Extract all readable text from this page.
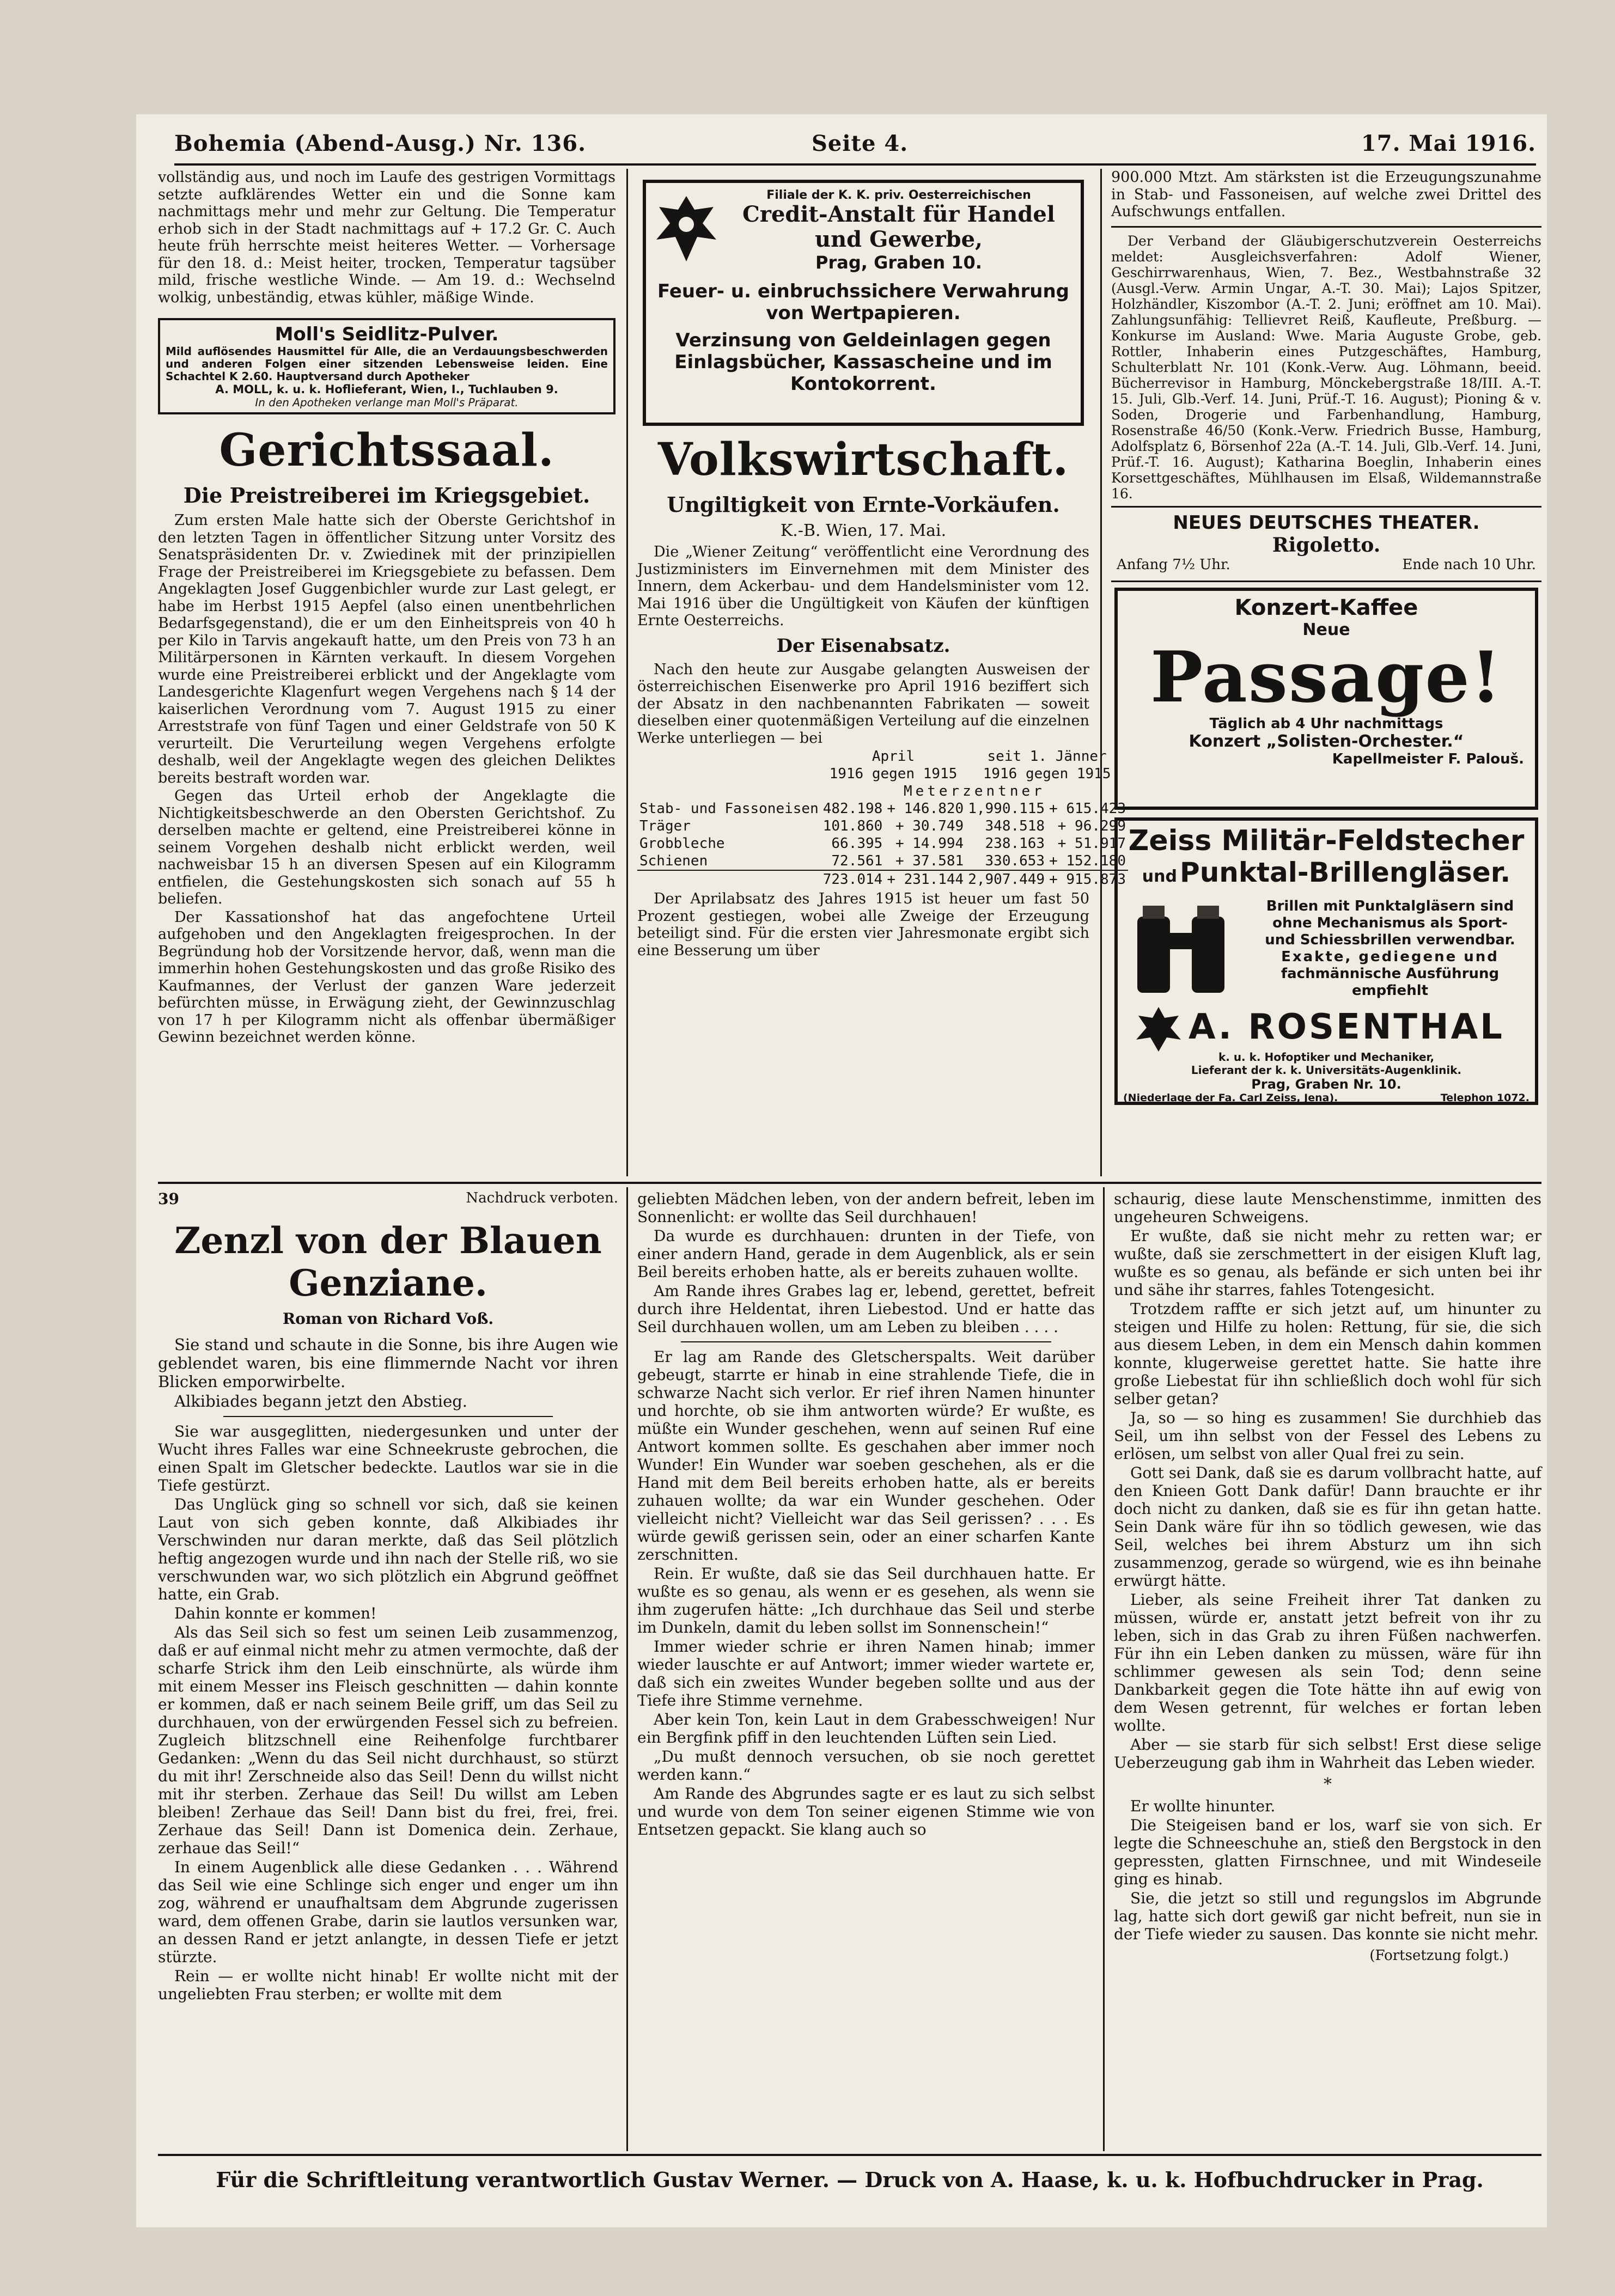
Bohemia (Abend-Ausg.) Nr. 136.	Seite 4.	17. Mai 1916.

vollständig aus, und noch im Laufe des gestrigen Vormittags setzte aufklärendes Wetter ein und die Sonne kam nachmittags mehr und mehr zur Geltung. Die Temperatur erhob sich in der Stadt nachmittags auf + 17.2 Gr. C. Auch heute früh herrschte meist heiteres Wetter. — Vorhersage für den 18. d.: Meist heiter, trocken, Temperatur tagsüber mild, frische westliche Winde. — Am 19. d.: Wechselnd wolkig, unbeständig, etwas kühler, mäßige Winde.

Moll's Seidlitz-Pulver.
Mild auflösendes Hausmittel für Alle, die an Verdauungsbeschwerden und anderen Folgen einer sitzenden Lebensweise leiden. Eine Schachtel K 2.60. Hauptversand durch Apotheker
A. MOLL, k. u. k. Hoflieferant, Wien, I., Tuchlauben 9.
In den Apotheken verlange man Moll's Präparat.
Gerichtssaal.
Die Preistreiberei im Kriegsgebiet.

Zum ersten Male hatte sich der Oberste Gerichtshof in den letzten Tagen in öffentlicher Sitzung unter Vorsitz des Senatspräsidenten Dr. v. Zwiedinek mit der prinzipiellen Frage der Preistreiberei im Kriegsgebiete zu befassen. Dem Angeklagten Josef Guggenbichler wurde zur Last gelegt, er habe im Herbst 1915 Aepfel (also einen unentbehrlichen Bedarfsgegenstand), die er um den Einheitspreis von 40 h per Kilo in Tarvis angekauft hatte, um den Preis von 73 h an Militärpersonen in Kärnten verkauft. In diesem Vorgehen wurde eine Preistreiberei erblickt und der Angeklagte vom Landesgerichte Klagenfurt wegen Vergehens nach § 14 der kaiserlichen Verordnung vom 7. August 1915 zu einer Arreststrafe von fünf Tagen und einer Geldstrafe von 50 K verurteilt. Die Verurteilung wegen Vergehens erfolgte deshalb, weil der Angeklagte wegen des gleichen Deliktes bereits bestraft worden war.

Gegen das Urteil erhob der Angeklagte die Nichtigkeitsbeschwerde an den Obersten Gerichtshof. Zu derselben machte er geltend, eine Preistreiberei könne in seinem Vorgehen deshalb nicht erblickt werden, weil nachweisbar 15 h an diversen Spesen auf ein Kilogramm entfielen, die Gestehungskosten sich sonach auf 55 h beliefen.

Der Kassationshof hat das angefochtene Urteil aufgehoben und den Angeklagten freigesprochen. In der Begründung hob der Vorsitzende hervor, daß, wenn man die immerhin hohen Gestehungskosten und das große Risiko des Kaufmannes, der Verlust der ganzen Ware jederzeit befürchten müsse, in Erwägung zieht, der Gewinnzuschlag von 17 h per Kilogramm nicht als offenbar übermäßiger Gewinn bezeichnet werden könne.

Filiale der K. K. priv. Oesterreichischen
Credit-Anstalt für Handel und Gewerbe,
Prag, Graben 10.
Feuer- u. einbruchssichere Verwahrung von Wertpapieren.
Verzinsung von Geldeinlagen gegen Einlagsbücher, Kassascheine und im Kontokorrent.
Volkswirtschaft.
Ungiltigkeit von Ernte-Vorkäufen.
K.-B. Wien, 17. Mai.

Die „Wiener Zeitung“ veröffentlicht eine Verordnung des Justizministers im Einvernehmen mit dem Minister des Innern, dem Ackerbau- und dem Handelsminister vom 12. Mai 1916 über die Ungültigkeit von Käufen der künftigen Ernte Oesterreichs.

Der Eisenabsatz.

Nach den heute zur Ausgabe gelangten Ausweisen der österreichischen Eisenwerke pro April 1916 beziffert sich der Absatz in den nachbenannten Fabrikaten — soweit dieselben einer quotenmäßigen Verteilung auf die einzelnen Werke unterliegen — bei

	April		seit 1. Jänner	
	1916 gegen 1915		1916 gegen 1915	
	Meterzentner			
Stab- und Fassoneisen	482.198	+ 146.820	1,990.115	+ 615.423
Träger	101.860	+ 30.749	348.518	+ 96.299
Grobbleche	66.395	+ 14.994	238.163	+ 51.917
Schienen	72.561	+ 37.581	330.653	+ 152.180
	723.014	+ 231.144	2,907.449	+ 915.873

Der Aprilabsatz des Jahres 1915 ist heuer um fast 50 Prozent gestiegen, wobei alle Zweige der Erzeugung beteiligt sind. Für die ersten vier Jahresmonate ergibt sich eine Besserung um über

900.000 Mtzt. Am stärksten ist die Erzeugungszunahme in Stab- und Fassoneisen, auf welche zwei Drittel des Aufschwungs entfallen.

Der Verband der Gläubigerschutzverein Oesterreichs meldet: Ausgleichsverfahren: Adolf Wiener, Geschirrwarenhaus, Wien, 7. Bez., Westbahnstraße 32 (Ausgl.-Verw. Armin Ungar, A.-T. 30. Mai); Lajos Spitzer, Holzhändler, Kiszombor (A.-T. 2. Juni; eröffnet am 10. Mai). Zahlungsunfähig: Tellievret Reiß, Kaufleute, Preßburg. — Konkurse im Ausland: Wwe. Maria Auguste Grobe, geb. Rottler, Inhaberin eines Putzgeschäftes, Hamburg, Schulterblatt Nr. 101 (Konk.-Verw. Aug. Löhmann, beeid. Bücherrevisor in Hamburg, Mönckebergstraße 18/III. A.-T. 15. Juli, Glb.-Verf. 14. Juni, Prüf.-T. 16. August); Pioning & v. Soden, Drogerie und Farbenhandlung, Hamburg, Rosenstraße 46/50 (Konk.-Verw. Friedrich Busse, Hamburg, Adolfsplatz 6, Börsenhof 22a (A.-T. 14. Juli, Glb.-Verf. 14. Juni, Prüf.-T. 16. August); Katharina Boeglin, Inhaberin eines Korsettgeschäftes, Mühlhausen im Elsaß, Wildemannstraße 16.

NEUES DEUTSCHES THEATER.
Rigoletto.
Anfang 7½ Uhr.	Ende nach 10 Uhr.
Konzert-Kaffee
Neue
Passage!
Täglich ab 4 Uhr nachmittags
Konzert „Solisten-Orchester.“
Kapellmeister F. Palouš.
Zeiss Militär-Feldstecher
und Punktal-Brillengläser.
Brillen mit Punktalgläsern sind
ohne Mechanismus als Sport-
und Schiessbrillen verwendbar.
Exakte, gediegene und
fachmännische Ausführung
empfiehlt
A. ROSENTHAL
k. u. k. Hofoptiker und Mechaniker,
Lieferant der k. k. Universitäts-Augenklinik.
Prag, Graben Nr. 10.
(Niederlage der Fa. Carl Zeiss, Jena).	Telephon 1072.
39	Nachdruck verboten.
Zenzl von der Blauen Genziane.
Roman von Richard Voß.

Sie stand und schaute in die Sonne, bis ihre Augen wie geblendet waren, bis eine flimmernde Nacht vor ihren Blicken emporwirbelte.

Alkibiades begann jetzt den Abstieg.

Sie war ausgeglitten, niedergesunken und unter der Wucht ihres Falles war eine Schneekruste gebrochen, die einen Spalt im Gletscher bedeckte. Lautlos war sie in die Tiefe gestürzt.

Das Unglück ging so schnell vor sich, daß sie keinen Laut von sich geben konnte, daß Alkibiades ihr Verschwinden nur daran merkte, daß das Seil plötzlich heftig angezogen wurde und ihn nach der Stelle riß, wo sie verschwunden war, wo sich plötzlich ein Abgrund geöffnet hatte, ein Grab.

Dahin konnte er kommen!

Als das Seil sich so fest um seinen Leib zusammenzog, daß er auf einmal nicht mehr zu atmen vermochte, daß der scharfe Strick ihm den Leib einschnürte, als würde ihm mit einem Messer ins Fleisch geschnitten — dahin konnte er kommen, daß er nach seinem Beile griff, um das Seil zu durchhauen, von der erwürgenden Fessel sich zu befreien. Zugleich blitzschnell eine Reihenfolge furchtbarer Gedanken: „Wenn du das Seil nicht durchhaust, so stürzt du mit ihr! Zerschneide also das Seil! Denn du willst nicht mit ihr sterben. Zerhaue das Seil! Du willst am Leben bleiben! Zerhaue das Seil! Dann bist du frei, frei, frei. Zerhaue das Seil! Dann ist Domenica dein. Zerhaue, zerhaue das Seil!“

In einem Augenblick alle diese Gedanken . . . Während das Seil wie eine Schlinge sich enger und enger um ihn zog, während er unaufhaltsam dem Abgrunde zugerissen ward, dem offenen Grabe, darin sie lautlos versunken war, an dessen Rand er jetzt anlangte, in dessen Tiefe er jetzt stürzte.

Rein — er wollte nicht hinab! Er wollte nicht mit der ungeliebten Frau sterben; er wollte mit dem

geliebten Mädchen leben, von der andern befreit, leben im Sonnenlicht: er wollte das Seil durchhauen!

Da wurde es durchhauen: drunten in der Tiefe, von einer andern Hand, gerade in dem Augenblick, als er sein Beil bereits erhoben hatte, als er bereits zuhauen wollte.

Am Rande ihres Grabes lag er, lebend, gerettet, befreit durch ihre Heldentat, ihren Liebestod. Und er hatte das Seil durchhauen wollen, um am Leben zu bleiben . . . .

Er lag am Rande des Gletscherspalts. Weit darüber gebeugt, starrte er hinab in eine strahlende Tiefe, die in schwarze Nacht sich verlor. Er rief ihren Namen hinunter und horchte, ob sie ihm antworten würde? Er wußte, es müßte ein Wunder geschehen, wenn auf seinen Ruf eine Antwort kommen sollte. Es geschahen aber immer noch Wunder! Ein Wunder war soeben geschehen, als er die Hand mit dem Beil bereits erhoben hatte, als er bereits zuhauen wollte; da war ein Wunder geschehen. Oder vielleicht nicht? Vielleicht war das Seil gerissen? . . . Es würde gewiß gerissen sein, oder an einer scharfen Kante zerschnitten.

Rein. Er wußte, daß sie das Seil durchhauen hatte. Er wußte es so genau, als wenn er es gesehen, als wenn sie ihm zugerufen hätte: „Ich durchhaue das Seil und sterbe im Dunkeln, damit du leben sollst im Sonnenschein!“

Immer wieder schrie er ihren Namen hinab; immer wieder lauschte er auf Antwort; immer wieder wartete er, daß sich ein zweites Wunder begeben sollte und aus der Tiefe ihre Stimme vernehme.

Aber kein Ton, kein Laut in dem Grabesschweigen! Nur ein Bergfink pfiff in den leuchtenden Lüften sein Lied.

„Du mußt dennoch versuchen, ob sie noch gerettet werden kann.“

Am Rande des Abgrundes sagte er es laut zu sich selbst und wurde von dem Ton seiner eigenen Stimme wie von Entsetzen gepackt. Sie klang auch so

schaurig, diese laute Menschenstimme, inmitten des ungeheuren Schweigens.

Er wußte, daß sie nicht mehr zu retten war; er wußte, daß sie zerschmettert in der eisigen Kluft lag, wußte es so genau, als befände er sich unten bei ihr und sähe ihr starres, fahles Totengesicht.

Trotzdem raffte er sich jetzt auf, um hinunter zu steigen und Hilfe zu holen: Rettung, für sie, die sich aus diesem Leben, in dem ein Mensch dahin kommen konnte, klugerweise gerettet hatte. Sie hatte ihre große Liebestat für ihn schließlich doch wohl für sich selber getan?

Ja, so — so hing es zusammen! Sie durchhieb das Seil, um ihn selbst von der Fessel des Lebens zu erlösen, um selbst von aller Qual frei zu sein.

Gott sei Dank, daß sie es darum vollbracht hatte, auf den Knieen Gott Dank dafür! Dann brauchte er ihr doch nicht zu danken, daß sie es für ihn getan hatte. Sein Dank wäre für ihn so tödlich gewesen, wie das Seil, welches bei ihrem Absturz um ihn sich zusammenzog, gerade so würgend, wie es ihn beinahe erwürgt hätte.

Lieber, als seine Freiheit ihrer Tat danken zu müssen, würde er, anstatt jetzt befreit von ihr zu leben, sich in das Grab zu ihren Füßen nachwerfen. Für ihn ein Leben danken zu müssen, wäre für ihn schlimmer gewesen als sein Tod; denn seine Dankbarkeit gegen die Tote hätte ihn auf ewig von dem Wesen getrennt, für welches er fortan leben wollte.

Aber — sie starb für sich selbst! Erst diese selige Ueberzeugung gab ihm in Wahrheit das Leben wieder.

*

Er wollte hinunter.

Die Steigeisen band er los, warf sie von sich. Er legte die Schneeschuhe an, stieß den Bergstock in den gepressten, glatten Firnschnee, und mit Windeseile ging es hinab.

Sie, die jetzt so still und regungslos im Abgrunde lag, hatte sich dort gewiß gar nicht befreit, nun sie in der Tiefe wieder zu sausen. Das konnte sie nicht mehr.

(Fortsetzung folgt.)
Für die Schriftleitung verantwortlich Gustav Werner. — Druck von A. Haase, k. u. k. Hofbuchdrucker in Prag.
